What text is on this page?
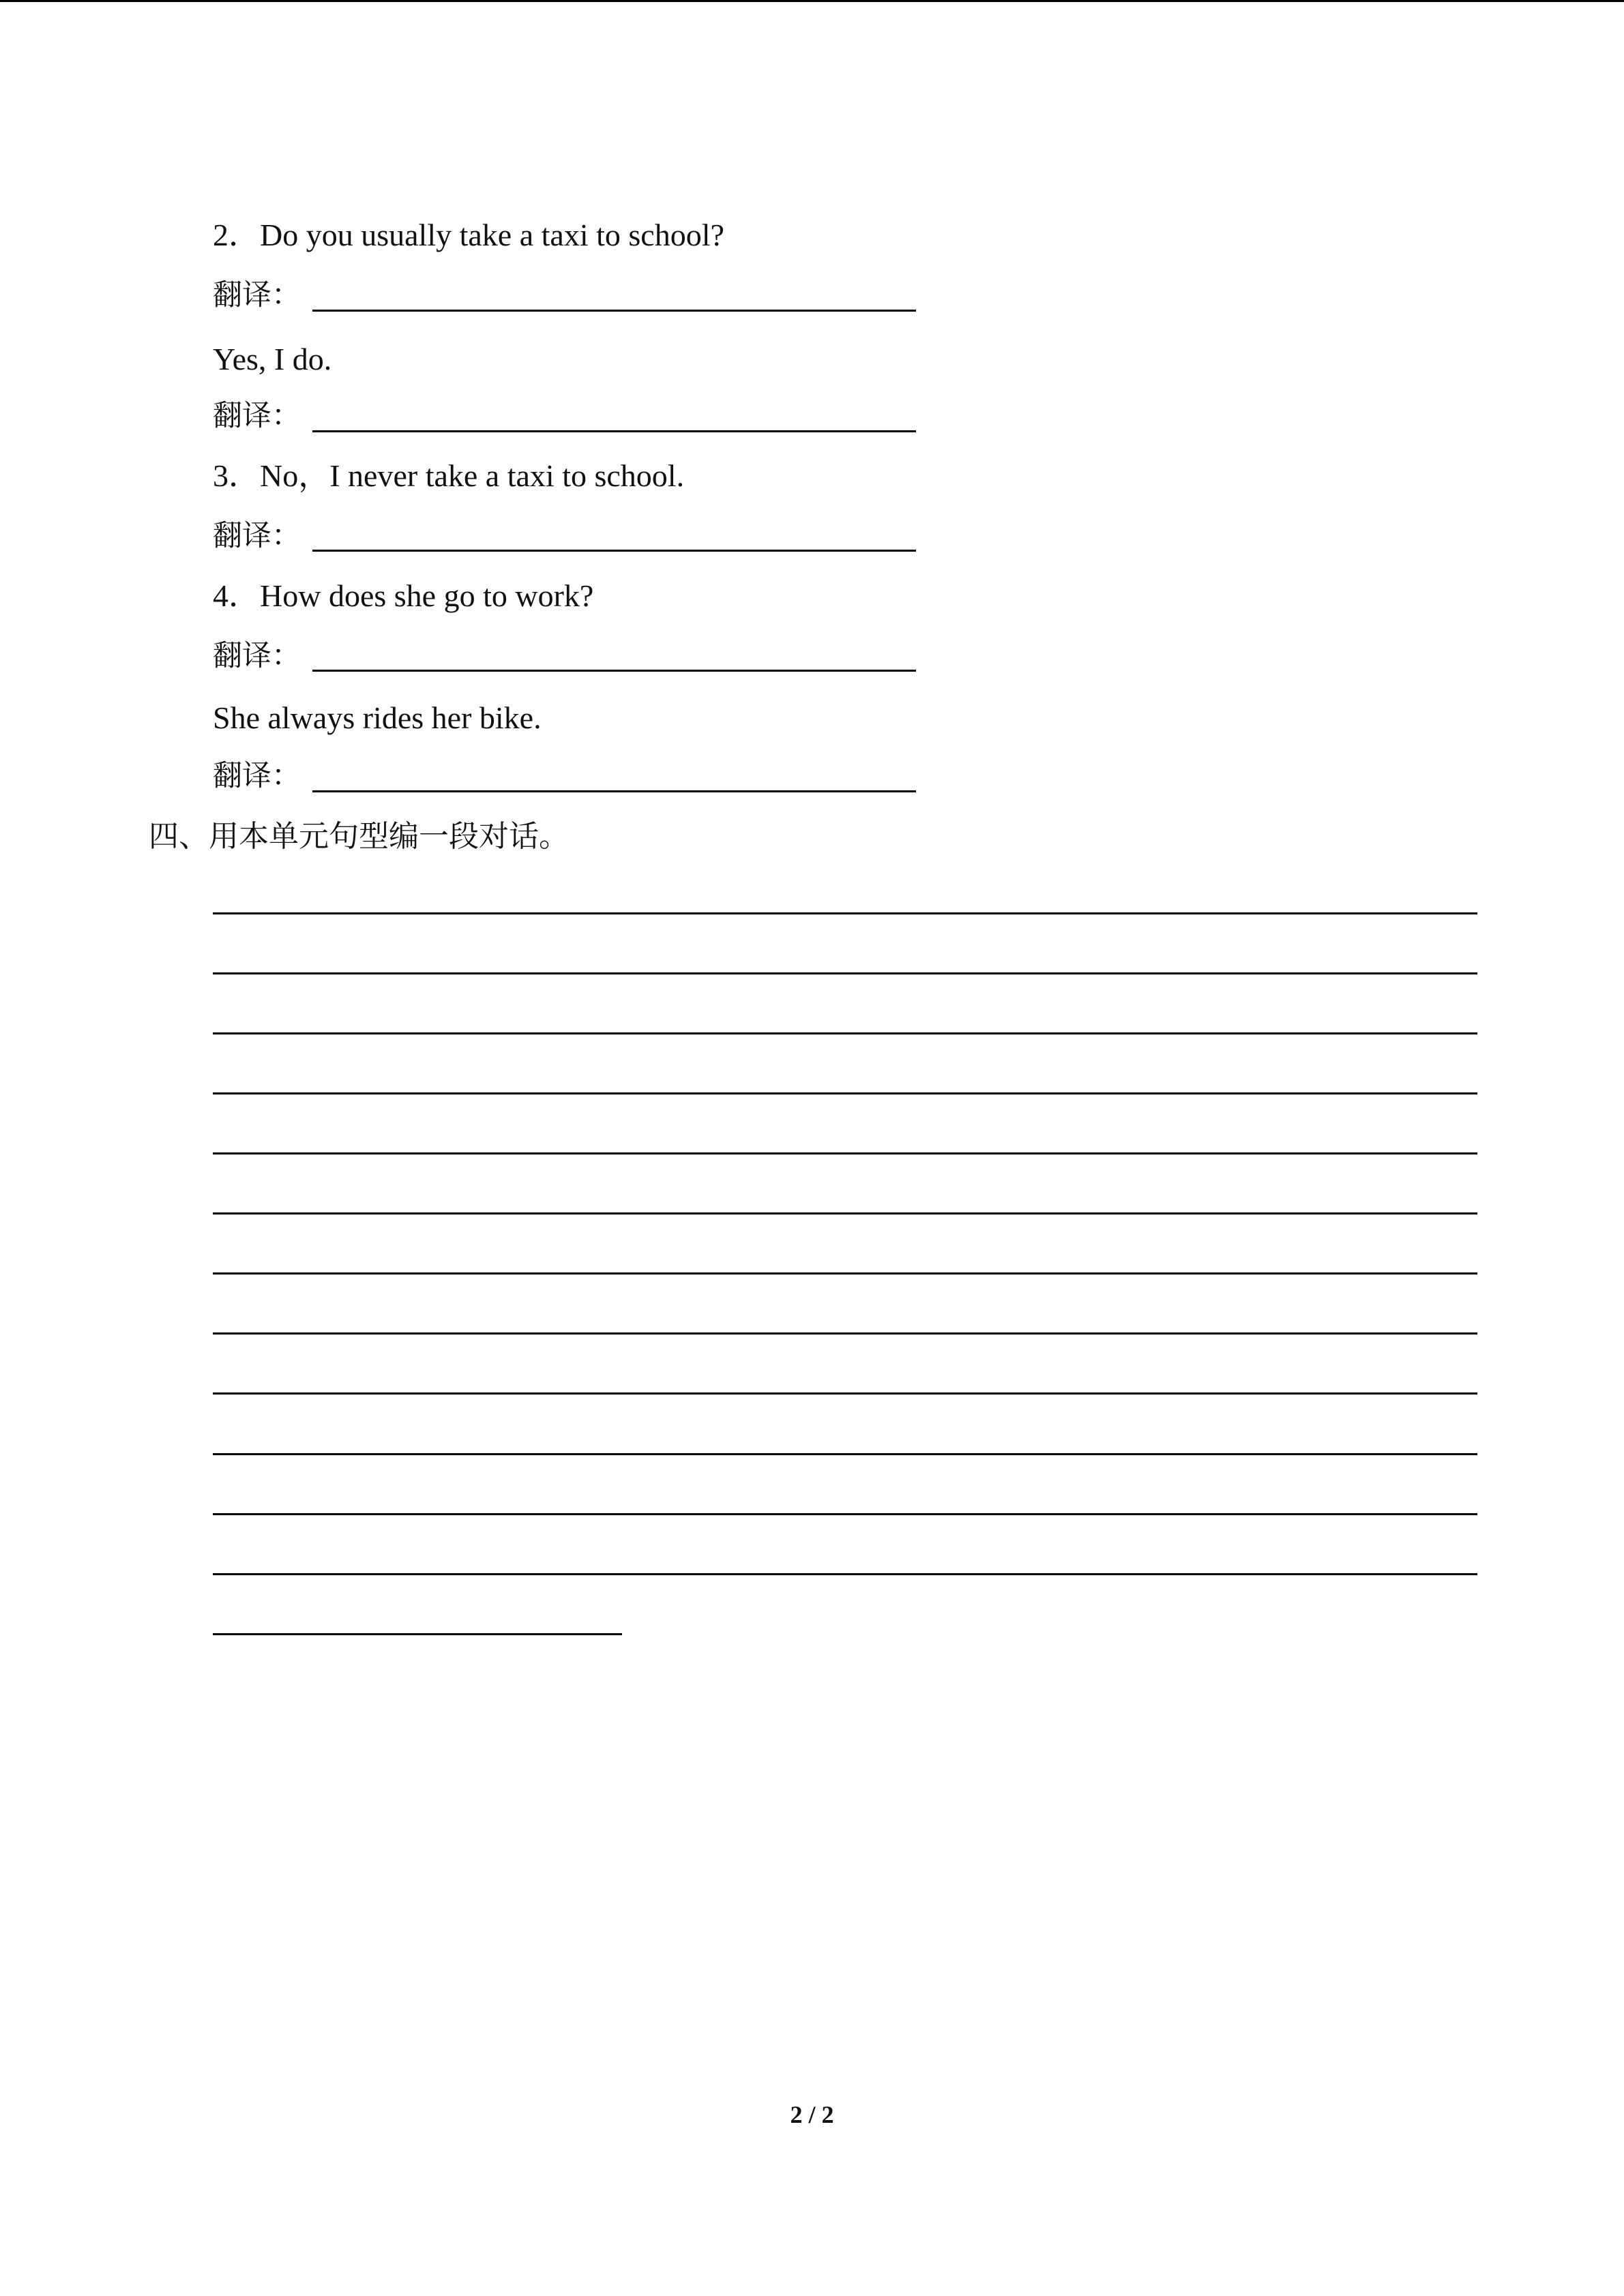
2．Do you usually take a taxi to school?
翻译：
Yes, I do.
翻译：
3．No，I never take a taxi to school.
翻译：
4．How does she go to work?
翻译：
She always rides her bike.
翻译：
四、用本单元句型编一段对话。
2 / 2
